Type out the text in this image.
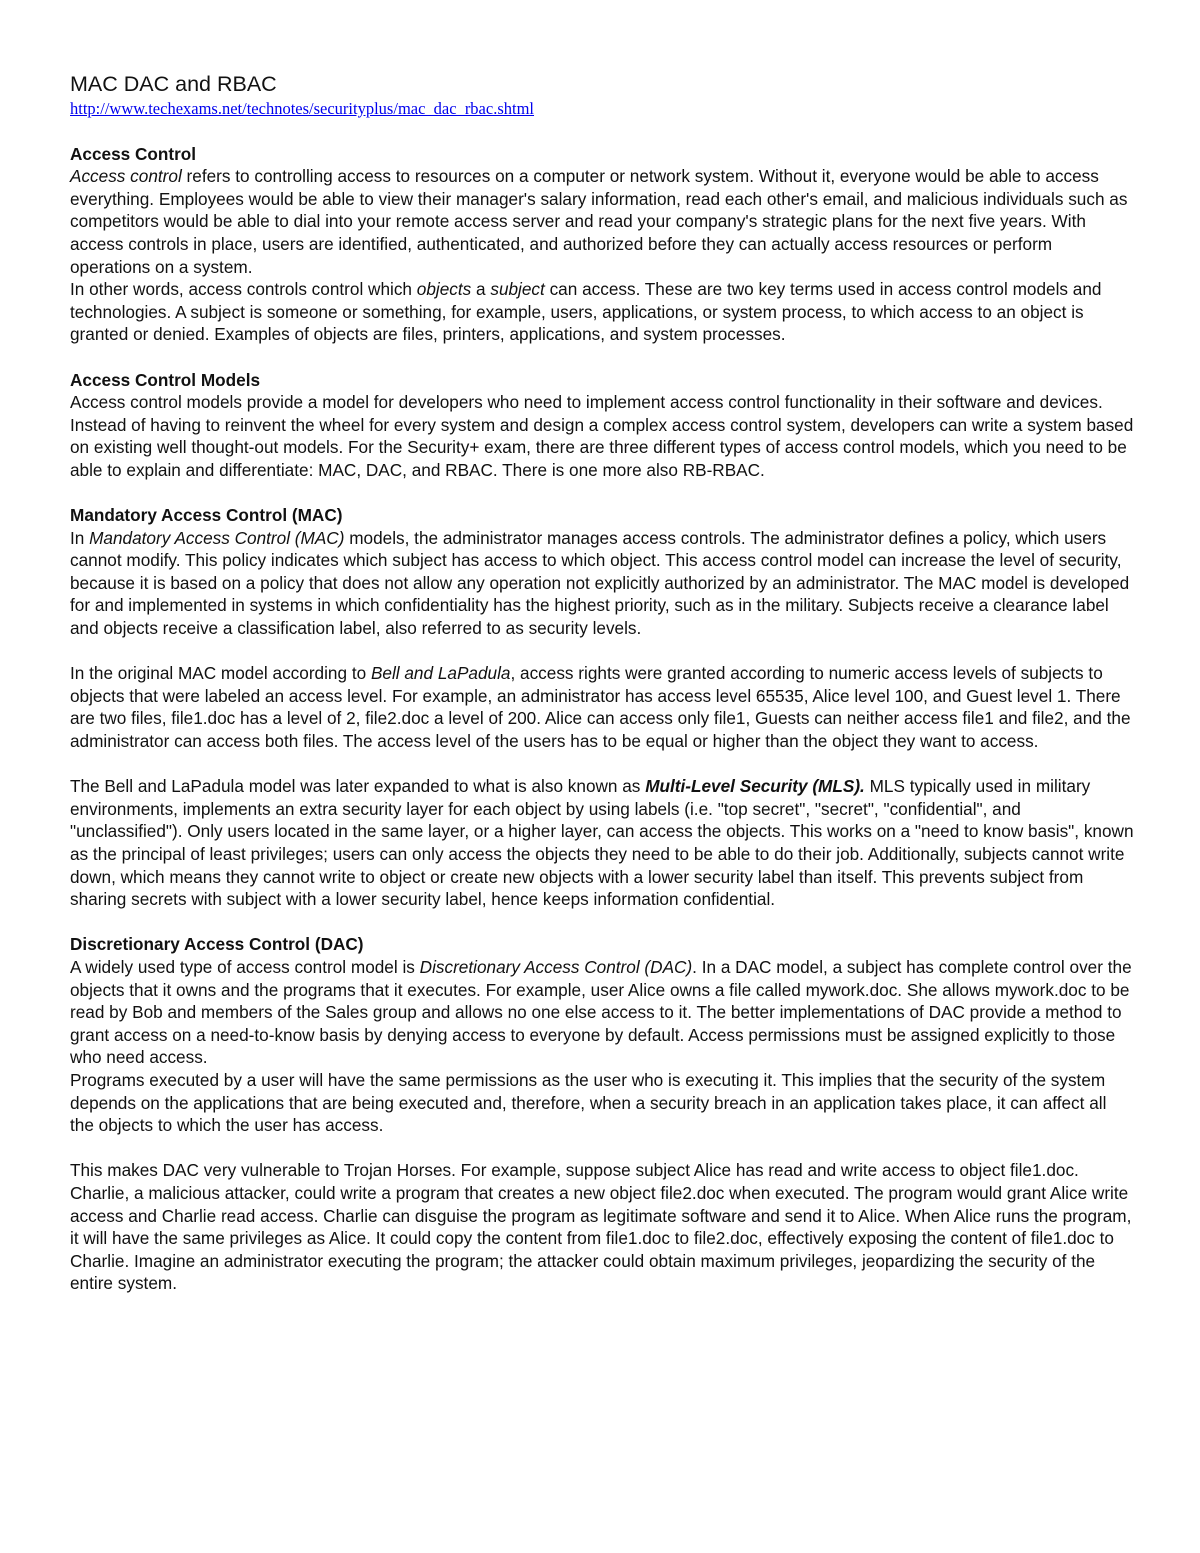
MAC DAC and RBAC
http://www.techexams.net/technotes/securityplus/mac_dac_rbac.shtml
Access Control

Access control refers to controlling access to resources on a computer or network system. Without it, everyone would be able to access everything. Employees would be able to view their manager's salary information, read each other's email, and malicious individuals such as competitors would be able to dial into your remote access server and read your company's strategic plans for the next five years. With access controls in place, users are identified, authenticated, and authorized before they can actually access resources or perform operations on a system.

In other words, access controls control which objects a subject can access. These are two key terms used in access control models and technologies. A subject is someone or something, for example, users, applications, or system process, to which access to an object is granted or denied. Examples of objects are files, printers, applications, and system processes.

Access Control Models

Access control models provide a model for developers who need to implement access control functionality in their software and devices. Instead of having to reinvent the wheel for every system and design a complex access control system, developers can write a system based on existing well thought-out models. For the Security+ exam, there are three different types of access control models, which you need to be able to explain and differentiate: MAC, DAC, and RBAC. There is one more also RB-RBAC.

Mandatory Access Control (MAC)

In Mandatory Access Control (MAC) models, the administrator manages access controls. The administrator defines a policy, which users cannot modify. This policy indicates which subject has access to which object. This access control model can increase the level of security, because it is based on a policy that does not allow any operation not explicitly authorized by an administrator. The MAC model is developed for and implemented in systems in which confidentiality has the highest priority, such as in the military. Subjects receive a clearance label and objects receive a classification label, also referred to as security levels.

In the original MAC model according to Bell and LaPadula, access rights were granted according to numeric access levels of subjects to objects that were labeled an access level. For example, an administrator has access level 65535, Alice level 100, and Guest level 1. There are two files, file1.doc has a level of 2, file2.doc a level of 200. Alice can access only file1, Guests can neither access file1 and file2, and the administrator can access both files. The access level of the users has to be equal or higher than the object they want to access.

The Bell and LaPadula model was later expanded to what is also known as Multi-Level Security (MLS). MLS typically used in military environments, implements an extra security layer for each object by using labels (i.e. "top secret", "secret", "confidential", and "unclassified"). Only users located in the same layer, or a higher layer, can access the objects. This works on a "need to know basis", known as the principal of least privileges; users can only access the objects they need to be able to do their job. Additionally, subjects cannot write down, which means they cannot write to object or create new objects with a lower security label than itself. This prevents subject from sharing secrets with subject with a lower security label, hence keeps information confidential.

Discretionary Access Control (DAC)

A widely used type of access control model is Discretionary Access Control (DAC). In a DAC model, a subject has complete control over the objects that it owns and the programs that it executes. For example, user Alice owns a file called mywork.doc. She allows mywork.doc to be read by Bob and members of the Sales group and allows no one else access to it. The better implementations of DAC provide a method to grant access on a need-to-know basis by denying access to everyone by default. Access permissions must be assigned explicitly to those who need access.

Programs executed by a user will have the same permissions as the user who is executing it. This implies that the security of the system depends on the applications that are being executed and, therefore, when a security breach in an application takes place, it can affect all the objects to which the user has access.

This makes DAC very vulnerable to Trojan Horses. For example, suppose subject Alice has read and write access to object file1.doc. Charlie, a malicious attacker, could write a program that creates a new object file2.doc when executed. The program would grant Alice write access and Charlie read access. Charlie can disguise the program as legitimate software and send it to Alice. When Alice runs the program, it will have the same privileges as Alice. It could copy the content from file1.doc to file2.doc, effectively exposing the content of file1.doc to Charlie. Imagine an administrator executing the program; the attacker could obtain maximum privileges, jeopardizing the security of the entire system.
